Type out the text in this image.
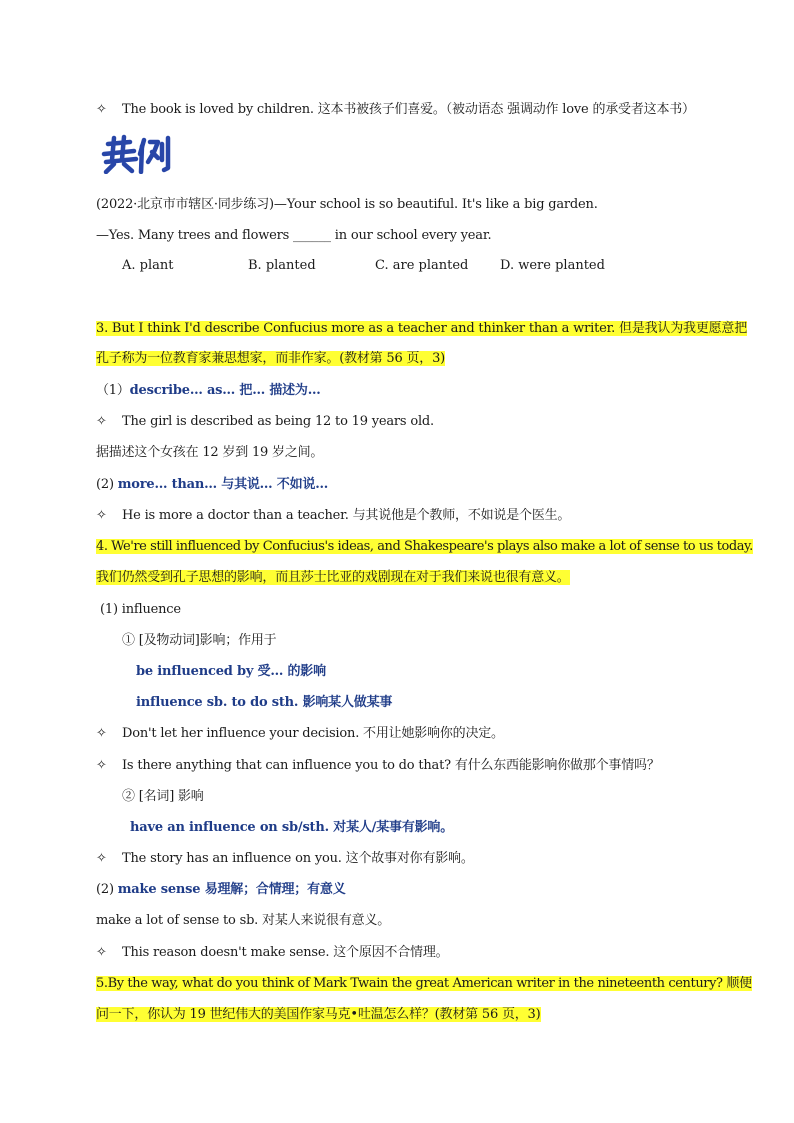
✧ The book is loved by children. 这本书被孩子们喜爱。（被动语态 强调动作 love 的承受者这本书）
(2022·北京市市辖区·同步练习)—Your school is so beautiful. It's like a big garden.
—Yes. Many trees and flowers ______ in our school every year.
A. plant	B. planted	C. are planted D. were planted
3. But I think I'd describe Confucius more as a teacher and thinker than a writer. 但是我认为我更愿意把
孔子称为一位教育家兼思想家，而非作家。(教材第 56 页，3)
（1）describe… as… 把… 描述为…
✧ The girl is described as being 12 to 19 years old.
据描述这个女孩在 12 岁到 19 岁之间。
(2) more… than… 与其说… 不如说…
✧ He is more a doctor than a teacher. 与其说他是个教师，不如说是个医生。
4. We're still influenced by Confucius's ideas, and Shakespeare's plays also make a lot of sense to us today.
我们仍然受到孔子思想的影响，而且莎士比亚的戏剧现在对于我们来说也很有意义。
(1) influence
① [及物动词]影响；作用于
be influenced by 受… 的影响
influence sb. to do sth. 影响某人做某事
✧ Don't let her influence your decision. 不用让她影响你的决定。
✧ Is there anything that can influence you to do that? 有什么东西能影响你做那个事情吗？
② [名词] 影响
have an influence on sb/sth. 对某人/某事有影响。
✧ The story has an influence on you. 这个故事对你有影响。
(2) make sense 易理解；合情理；有意义
make a lot of sense to sb. 对某人来说很有意义。
✧ This reason doesn't make sense. 这个原因不合情理。
5.By the way, what do you think of Mark Twain the great American writer in the nineteenth century? 顺便
问一下，你认为 19 世纪伟大的美国作家马克•吐温怎么样？(教材第 56 页，3)
